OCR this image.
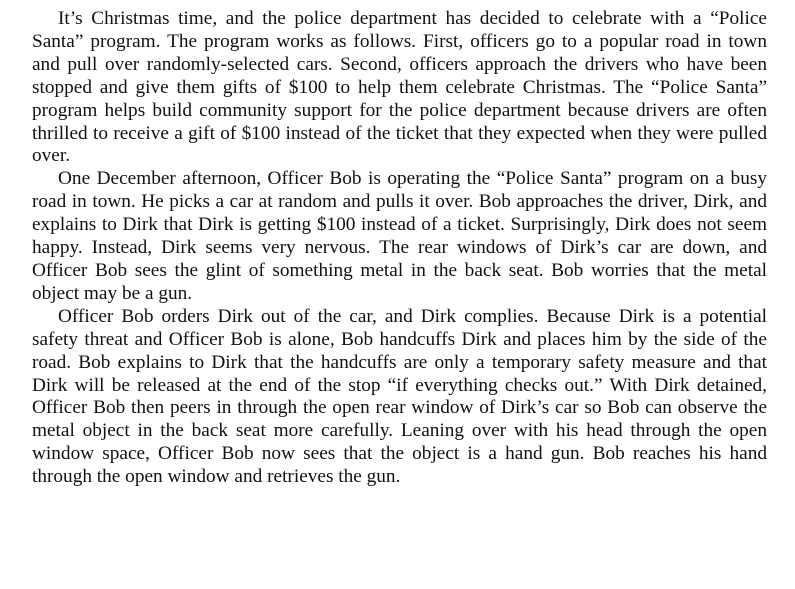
It’s Christmas time, and the police department has decided to celebrate with a “Police Santa” program. The program works as follows. First, officers go to a popular road in town and pull over randomly-selected cars. Second, officers approach the drivers who have been stopped and give them gifts of $100 to help them celebrate Christmas. The “Police Santa” program helps build community support for the police department because drivers are often thrilled to receive a gift of $100 instead of the ticket that they expected when they were pulled over.

One December afternoon, Officer Bob is operating the “Police Santa” program on a busy road in town. He picks a car at random and pulls it over. Bob approaches the driver, Dirk, and explains to Dirk that Dirk is getting $100 instead of a ticket. Surprisingly, Dirk does not seem happy. Instead, Dirk seems very nervous. The rear windows of Dirk’s car are down, and Officer Bob sees the glint of something metal in the back seat. Bob worries that the metal object may be a gun.

Officer Bob orders Dirk out of the car, and Dirk complies. Because Dirk is a potential safety threat and Officer Bob is alone, Bob handcuffs Dirk and places him by the side of the road. Bob explains to Dirk that the handcuffs are only a temporary safety measure and that Dirk will be released at the end of the stop “if everything checks out.” With Dirk detained, Officer Bob then peers in through the open rear window of Dirk’s car so Bob can observe the metal object in the back seat more carefully. Leaning over with his head through the open window space, Officer Bob now sees that the object is a hand gun. Bob reaches his hand through the open window and retrieves the gun.
